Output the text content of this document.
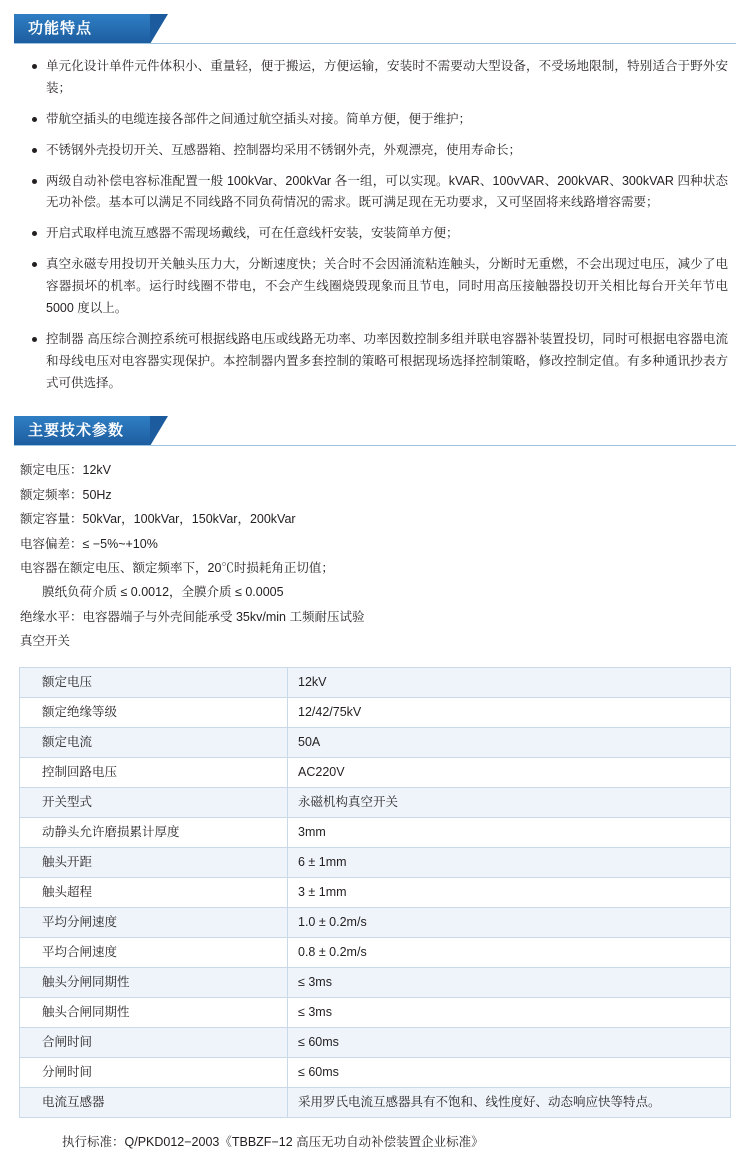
功能特点
单元化设计单件元件体积小、重量轻，便于搬运，方便运输，安装时不需要动大型设备，不受场地限制，特别适合于野外安装；
带航空插头的电缆连接各部件之间通过航空插头对接。简单方便，便于维护；
不锈钢外壳投切开关、互感器箱、控制器均采用不锈钢外壳，外观漂亮，使用寿命长；
两级自动补偿电容标准配置一般 100kVar、200kVar 各一组，可以实现。kVAR、100vVAR、200kVAR、300kVAR 四种状态无功补偿。基本可以满足不同线路不同负荷情况的需求。既可满足现在无功要求，又可坚固将来线路增容需要；
开启式取样电流互感器不需现场戴线，可在任意线杆安装，安装简单方便；
真空永磁专用投切开关触头压力大，分断速度快；关合时不会因涌流粘连触头，分断时无重燃，不会出现过电压，减少了电容器损坏的机率。运行时线圈不带电，不会产生线圈烧毁现象而且节电，同时用高压接触器投切开关相比每台开关年节电 5000 度以上。
控制器 高压综合测控系统可根据线路电压或线路无功率、功率因数控制多组并联电容器补装置投切，同时可根据电容器电流和母线电压对电容器实现保护。本控制器内置多套控制的策略可根据现场选择控制策略，修改控制定值。有多种通讯抄表方式可供选择。
主要技术参数
额定电压：12kV
额定频率：50Hz
额定容量：50kVar，100kVar，150kVar，200kVar
电容偏差：≤ −5%~+10%
电容器在额定电压、额定频率下，20℃时损耗角正切值；
膜纸负荷介质 ≤ 0.0012，全膜介质 ≤ 0.0005
绝缘水平：电容器端子与外壳间能承受 35kv/min 工频耐压试验
真空开关
额定电压	12kV
额定绝缘等级	12/42/75kV
额定电流	50A
控制回路电压	AC220V
开关型式	永磁机构真空开关
动静头允许磨损累计厚度	3mm
触头开距	6 ± 1mm
触头超程	3 ± 1mm
平均分闸速度	1.0 ± 0.2m/s
平均合闸速度	0.8 ± 0.2m/s
触头分闸同期性	≤ 3ms
触头合闸同期性	≤ 3ms
合闸时间	≤ 60ms
分闸时间	≤ 60ms
电流互感器	采用罗氏电流互感器具有不饱和、线性度好、动态响应快等特点。
执行标准：Q/PKD012−2003《TBBZF−12 高压无功自动补偿装置企业标准》
